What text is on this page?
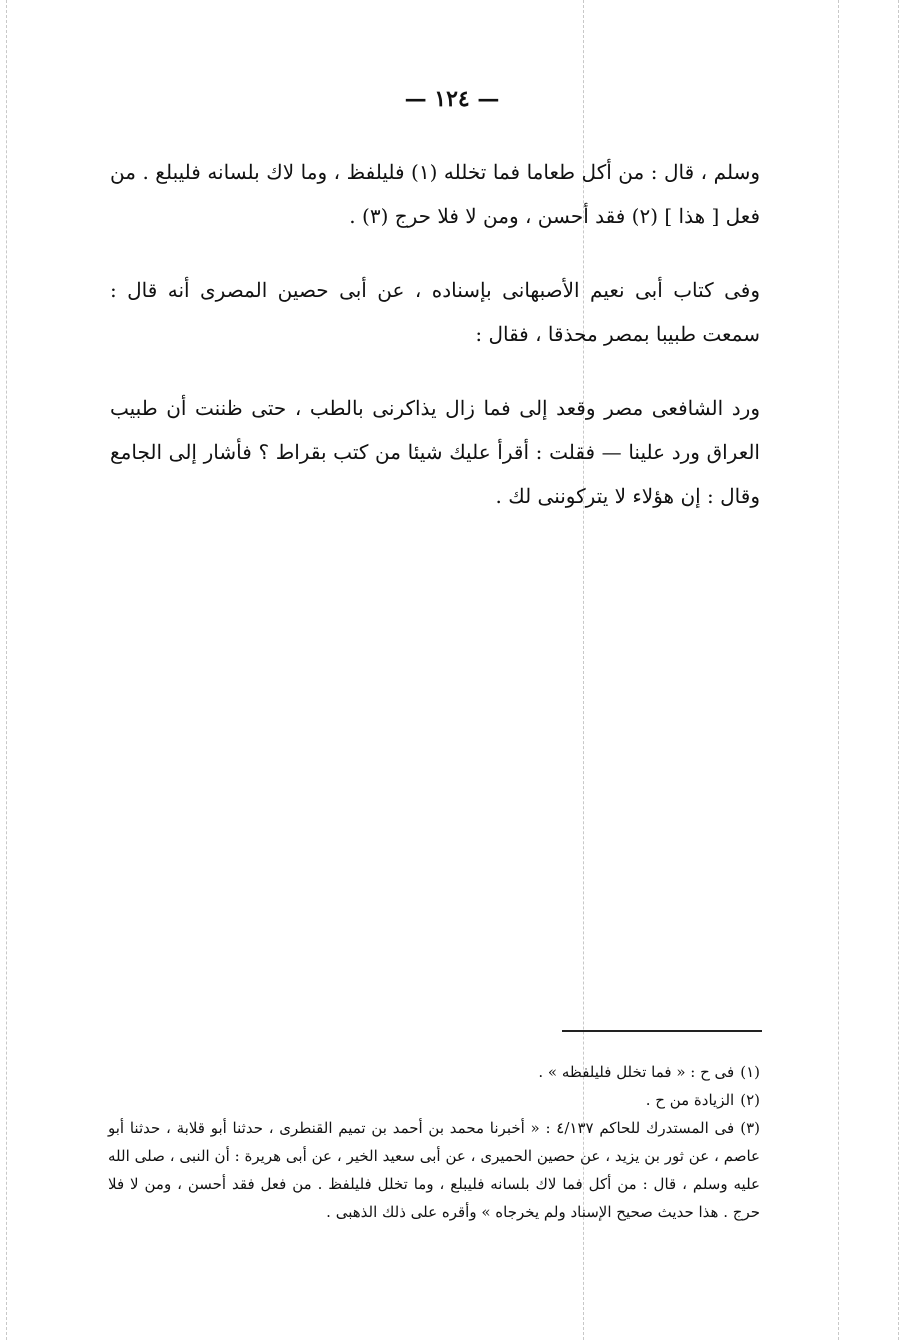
— ١٢٤ —
وسلم ، قال : من أكل طعاما فما تخلله (١) فليلفظ ، وما لاك بلسانه فليبلع . من فعل [ هذا ] (٢) فقد أحسن ، ومن لا فلا حرج (٣) .
وفى كتاب أبى نعيم الأصبهانى بإسناده ، عن أبى حصين المصرى أنه قال : سمعت طبيبا بمصر محذقا ، فقال :
ورد الشافعى مصر وقعد إلى فما زال يذاكرنى بالطب ، حتى ظننت أن طبيب العراق ورد علينا — فقلت : أقرأ عليك شيئا من كتب بقراط ؟ فأشار إلى الجامع وقال : إن هؤلاء لا يتركوننى لك .

(١)فى ح : « فما تخلل فليلفظه » .

(٢)الزيادة من ح .

(٣)فى المستدرك للحاكم ٤/١٣٧ : « أخبرنا محمد بن أحمد بن تميم القنطرى ، حدثنا أبو قلابة ، حدثنا أبو عاصم ، عن ثور بن يزيد ، عن حصين الحميرى ، عن أبى سعيد الخير ، عن أبى هريرة : أن النبى ، صلى الله عليه وسلم ، قال : من أكل فما لاك بلسانه فليبلع ، وما تخلل فليلفظ . من فعل فقد أحسن ، ومن لا فلا حرج . هذا حديث صحيح الإسناد ولم يخرجاه » وأقره على ذلك الذهبى .
